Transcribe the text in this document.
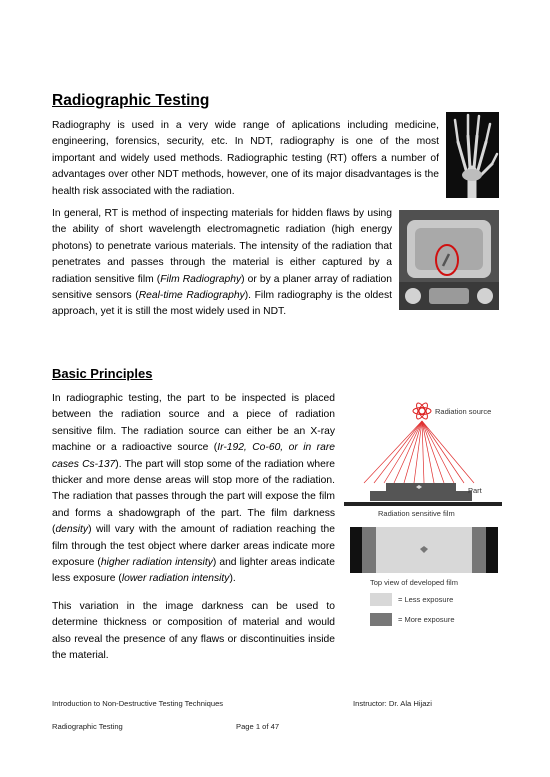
Radiographic Testing

Radiography is used in a very wide range of aplications including medicine, engineering, forensics, security, etc. In NDT, radiography is one of the most important and widely used methods. Radiographic testing (RT) offers a number of advantages over other NDT methods, however, one of its major disadvantages is the health risk associated with the radiation.

In general, RT is method of inspecting materials for hidden flaws by using the ability of short wavelength electromagnetic radiation (high energy photons) to penetrate various materials. The intensity of the radiation that penetrates and passes through the material is either captured by a radiation sensitive film (Film Radiography) or by a planer array of radiation sensitive sensors (Real-time Radiography). Film radiography is the oldest approach, yet it is still the most widely used in NDT.

Basic Principles

In radiographic testing, the part to be inspected is placed between the radiation source and a piece of radiation sensitive film. The radiation source can either be an X-ray machine or a radioactive source (Ir-192, Co-60, or in rare cases Cs-137). The part will stop some of the radiation where thicker and more dense areas will stop more of the radiation. The radiation that passes through the part will expose the film and forms a shadowgraph of the part. The film darkness (density) will vary with the amount of radiation reaching the film through the test object where darker areas indicate more exposure (higher radiation intensity) and lighter areas indicate less exposure (lower radiation intensity).

This variation in the image darkness can be used to determine thickness or composition of material and would also reveal the presence of any flaws or discontinuities inside the material.

Radiation source
Part
Radiation sensitive film
Top view of developed film
= Less exposure
= More exposure
Introduction to Non-Destructive Testing Techniques	Instructor: Dr. Ala Hijazi
Radiographic Testing	Page 1 of 47
